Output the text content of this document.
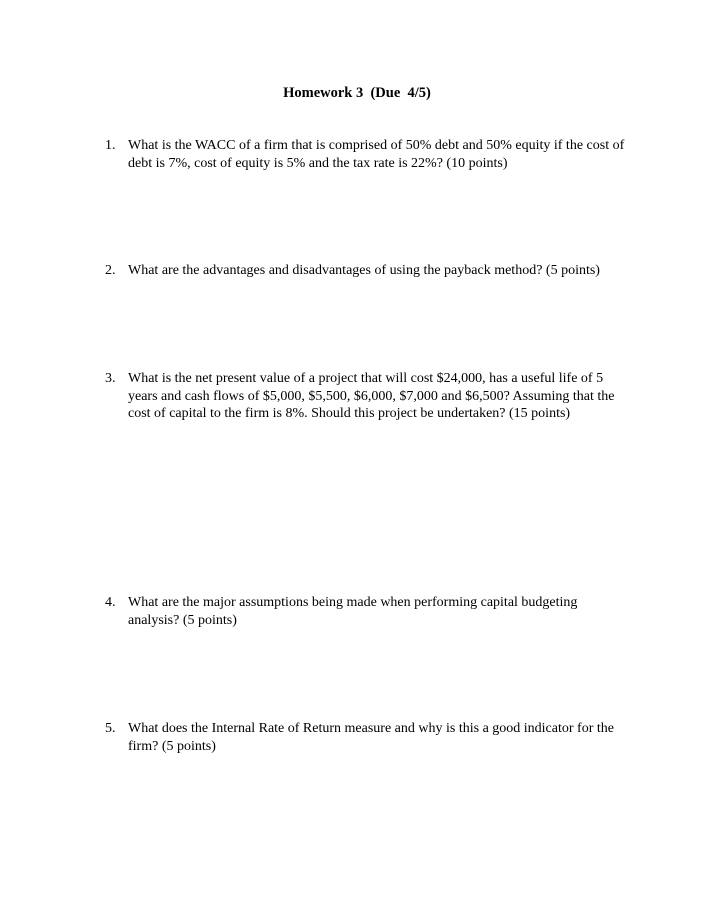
Homework 3  (Due  4/5)
1. What is the WACC of a firm that is comprised of 50% debt and 50% equity if the cost of debt is 7%, cost of equity is 5% and the tax rate is 22%? (10 points)
2. What are the advantages and disadvantages of using the payback method? (5 points)
3. What is the net present value of a project that will cost $24,000, has a useful life of 5 years and cash flows of $5,000, $5,500, $6,000, $7,000 and $6,500? Assuming that the cost of capital to the firm is 8%. Should this project be undertaken? (15 points)
4. What are the major assumptions being made when performing capital budgeting analysis? (5 points)
5. What does the Internal Rate of Return measure and why is this a good indicator for the firm? (5 points)
